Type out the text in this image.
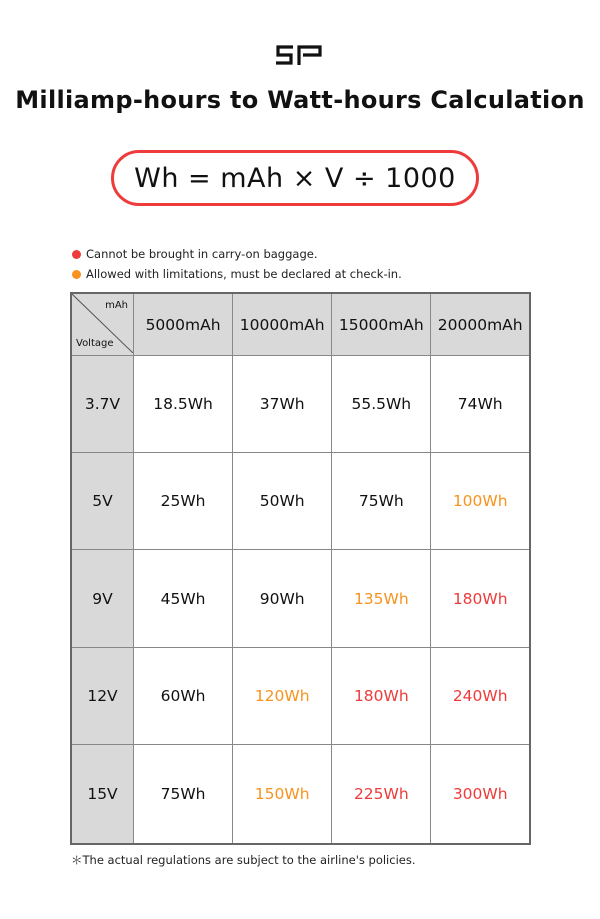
Milliamp-hours to Watt-hours Calculation
Wh = mAh × V ÷ 1000
Cannot be brought in carry-on baggage.
Allowed with limitations, must be declared at check-in.
mAh
Voltage	5000mAh	10000mAh	15000mAh	20000mAh
3.7V	18.5Wh	37Wh	55.5Wh	74Wh
5V	25Wh	50Wh	75Wh	100Wh
9V	45Wh	90Wh	135Wh	180Wh
12V	60Wh	120Wh	180Wh	240Wh
15V	75Wh	150Wh	225Wh	300Wh
＊The actual regulations are subject to the airline's policies.
